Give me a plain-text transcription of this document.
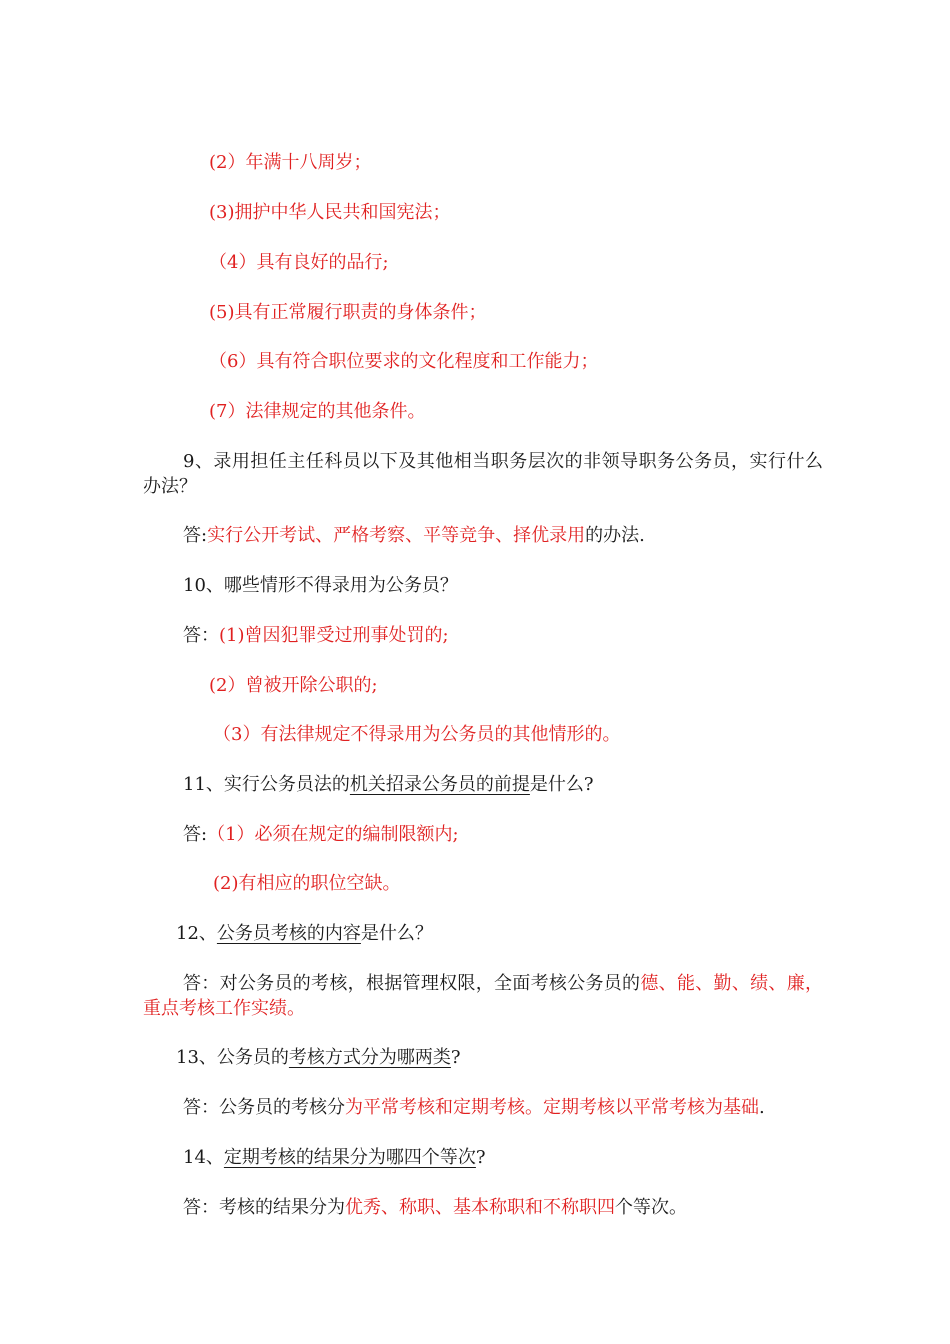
(2）年满十八周岁；
(3)拥护中华人民共和国宪法；
（4）具有良好的品行;
(5)具有正常履行职责的身体条件；
（6）具有符合职位要求的文化程度和工作能力；
(7）法律规定的其他条件。
9、录用担任主任科员以下及其他相当职务层次的非领导职务公务员，实行什么办法？
答:实行公开考试、严格考察、平等竞争、择优录用的办法.
10、哪些情形不得录用为公务员？
答：(1)曾因犯罪受过刑事处罚的;
(2）曾被开除公职的;
（3）有法律规定不得录用为公务员的其他情形的。
11、实行公务员法的机关招录公务员的前提是什么?
答:（1）必须在规定的编制限额内;
(2)有相应的职位空缺。
12、公务员考核的内容是什么？
答：对公务员的考核，根据管理权限，全面考核公务员的德、能、勤、绩、廉，重点考核工作实绩。
13、公务员的考核方式分为哪两类?
答：公务员的考核分为平常考核和定期考核。定期考核以平常考核为基础.
14、定期考核的结果分为哪四个等次?
答：考核的结果分为优秀、称职、基本称职和不称职四个等次。
